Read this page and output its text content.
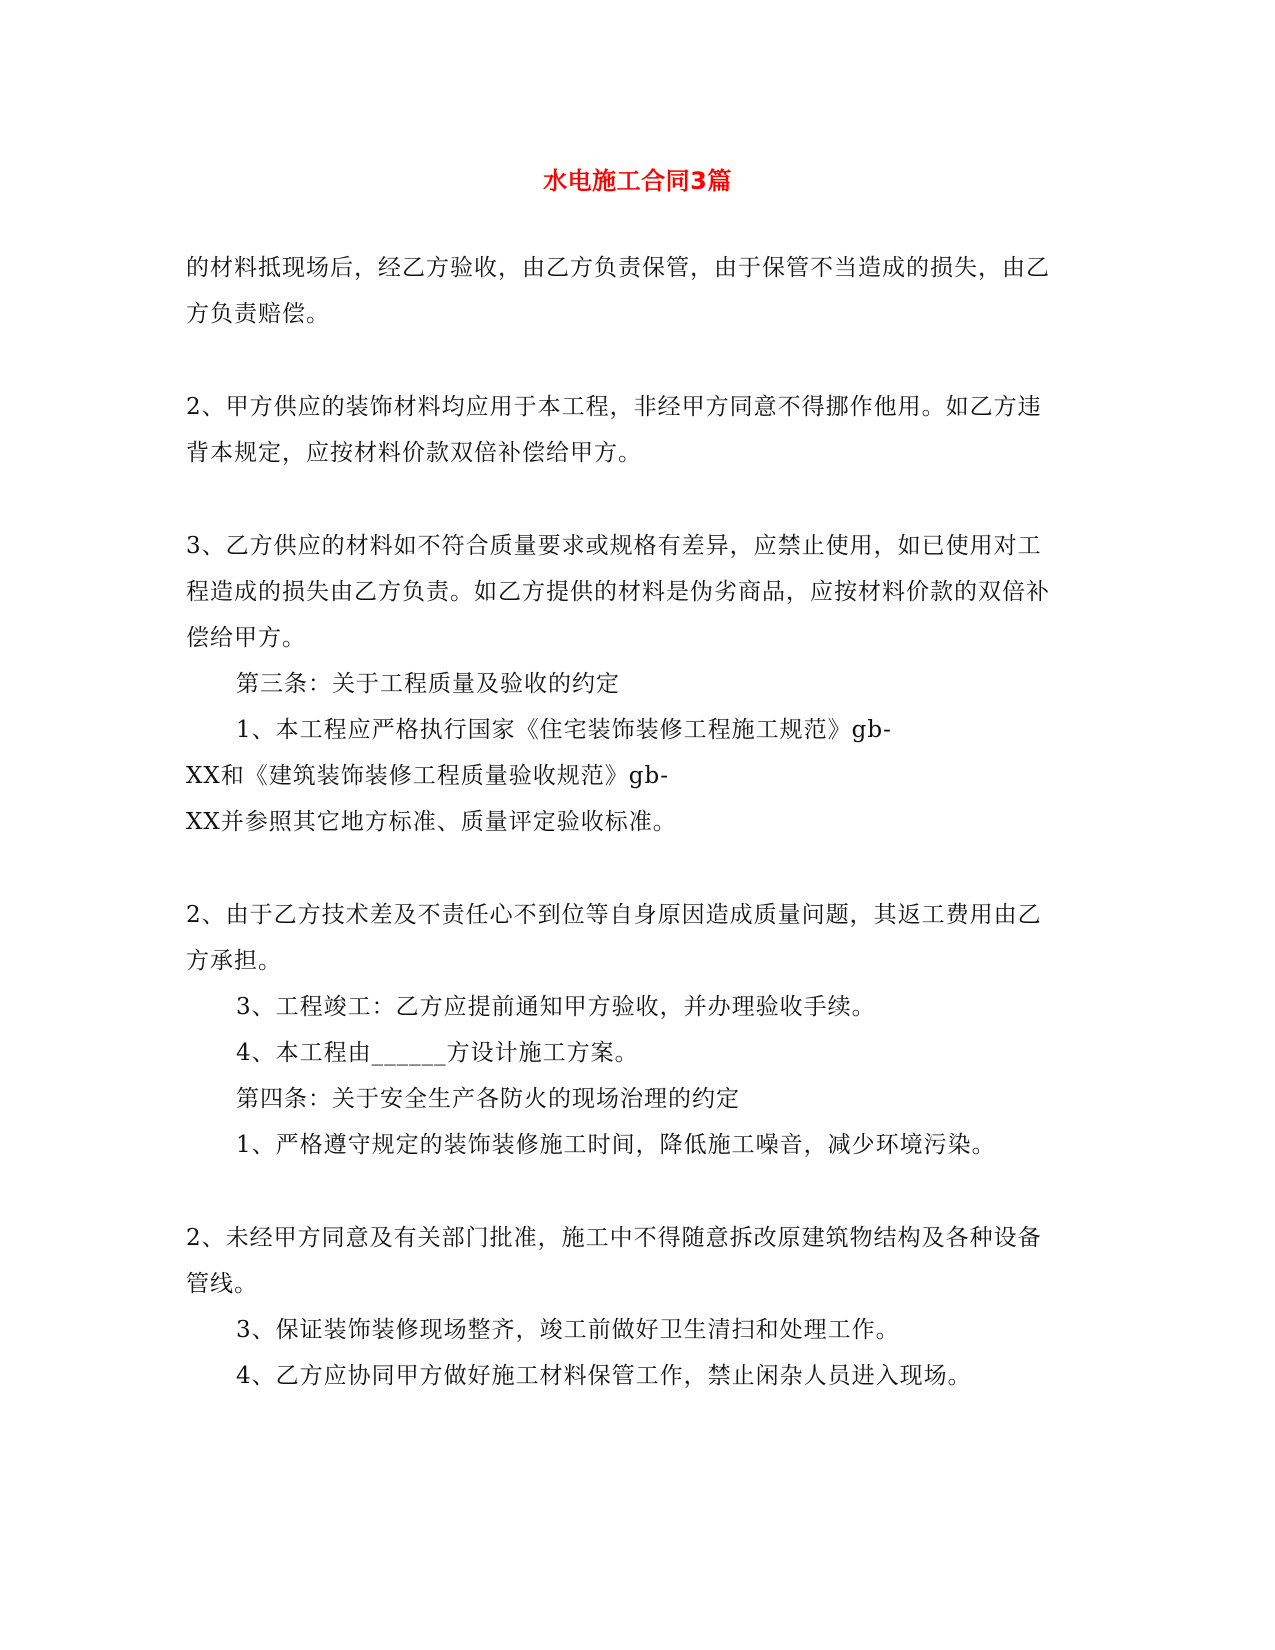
水电施工合同3篇
的材料抵现场后，经乙方验收，由乙方负责保管，由于保管不当造成的损失，由乙
方负责赔偿。
2、甲方供应的装饰材料均应用于本工程，非经甲方同意不得挪作他用。如乙方违
背本规定，应按材料价款双倍补偿给甲方。
3、乙方供应的材料如不符合质量要求或规格有差异，应禁止使用，如已使用对工
程造成的损失由乙方负责。如乙方提供的材料是伪劣商品，应按材料价款的双倍补
偿给甲方。
第三条：关于工程质量及验收的约定
1、本工程应严格执行国家《住宅装饰装修工程施工规范》gb-
XX和《建筑装饰装修工程质量验收规范》gb-
XX并参照其它地方标准、质量评定验收标准。
2、由于乙方技术差及不责任心不到位等自身原因造成质量问题，其返工费用由乙
方承担。
3、工程竣工：乙方应提前通知甲方验收，并办理验收手续。
4、本工程由______方设计施工方案。
第四条：关于安全生产各防火的现场治理的约定
1、严格遵守规定的装饰装修施工时间，降低施工噪音，减少环境污染。
2、未经甲方同意及有关部门批准，施工中不得随意拆改原建筑物结构及各种设备
管线。
3、保证装饰装修现场整齐，竣工前做好卫生清扫和处理工作。
4、乙方应协同甲方做好施工材料保管工作，禁止闲杂人员进入现场。
